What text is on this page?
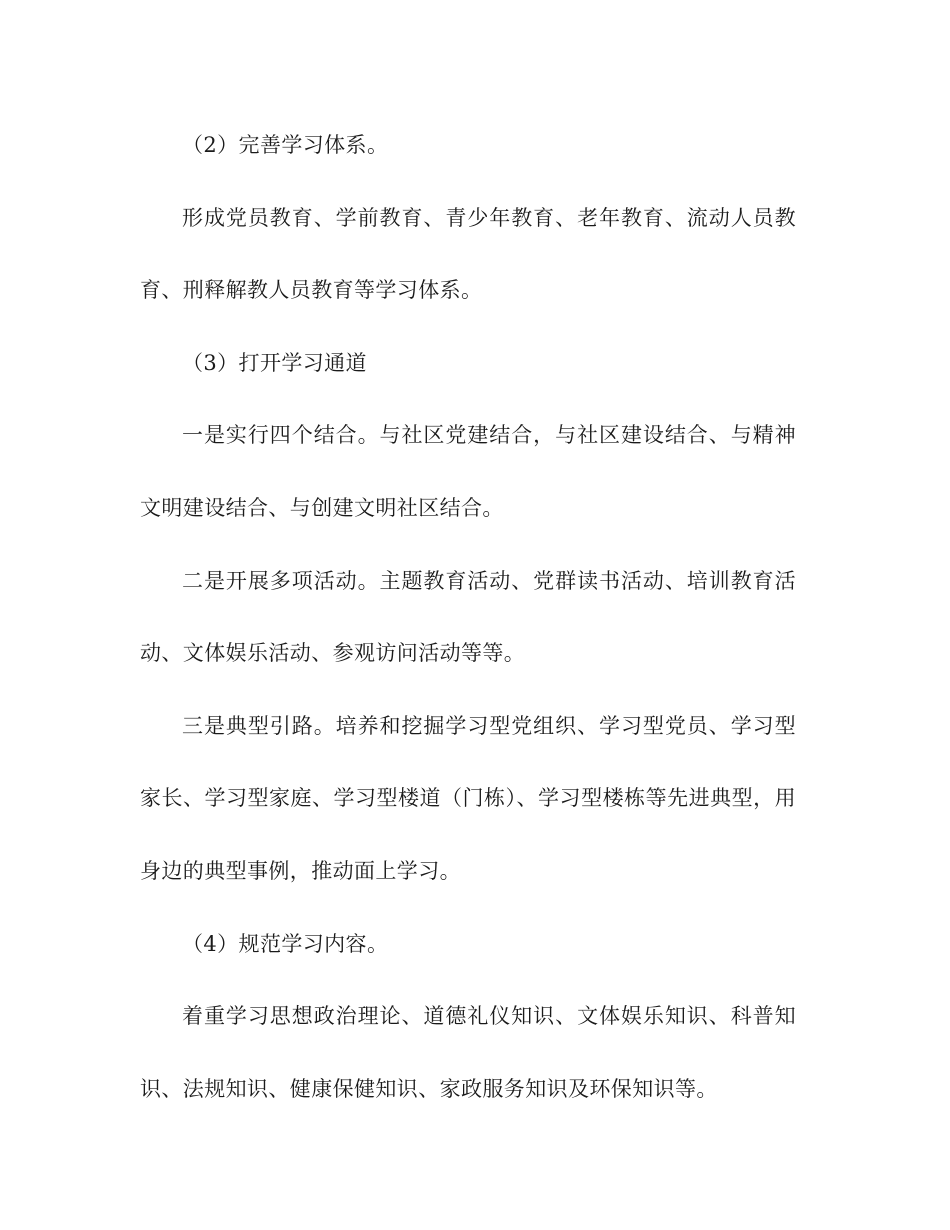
（2）完善学习体系。

形成党员教育、学前教育、青少年教育、老年教育、流动人员教育、刑释解教人员教育等学习体系。

（3）打开学习通道

一是实行四个结合。与社区党建结合，与社区建设结合、与精神文明建设结合、与创建文明社区结合。

二是开展多项活动。主题教育活动、党群读书活动、培训教育活动、文体娱乐活动、参观访问活动等等。

三是典型引路。培养和挖掘学习型党组织、学习型党员、学习型家长、学习型家庭、学习型楼道（门栋）、学习型楼栋等先进典型，用身边的典型事例，推动面上学习。

（4）规范学习内容。

着重学习思想政治理论、道德礼仪知识、文体娱乐知识、科普知识、法规知识、健康保健知识、家政服务知识及环保知识等。
